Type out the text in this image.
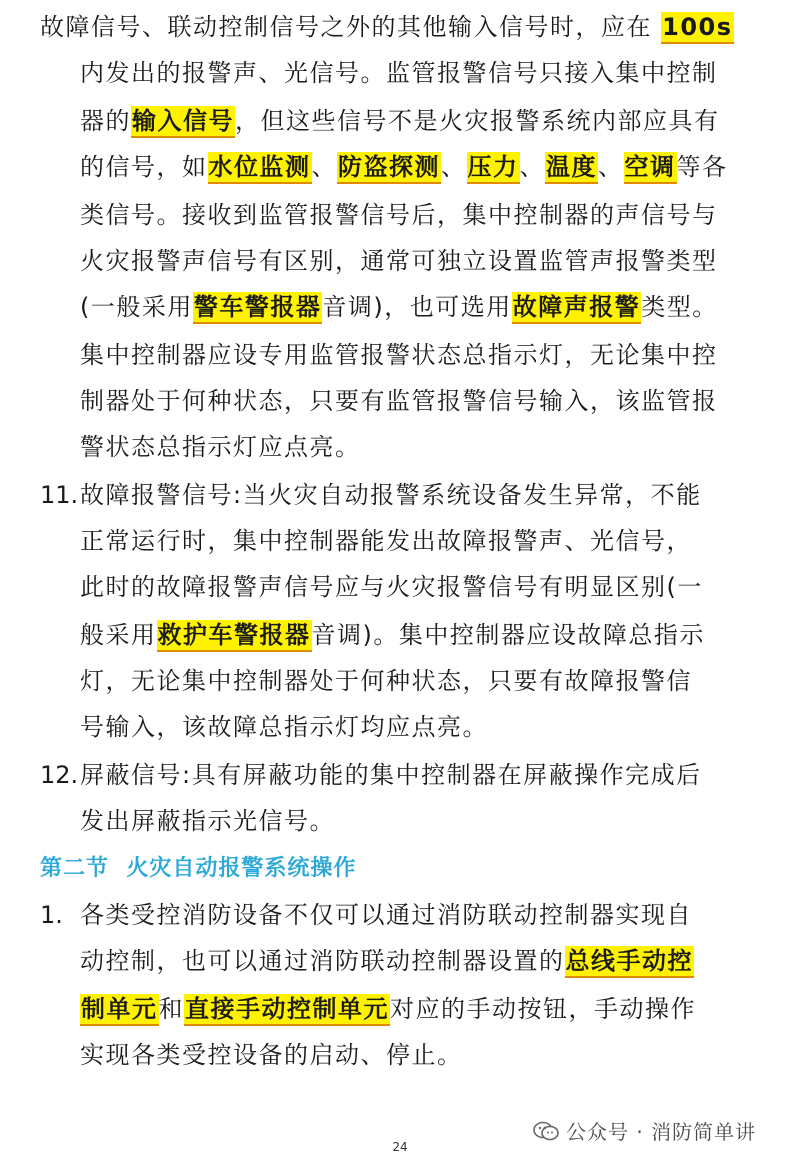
故障信号、联动控制信号之外的其他输入信号时，应在 100s
内发出的报警声、光信号。监管报警信号只接入集中控制
器的输入信号，但这些信号不是火灾报警系统内部应具有
的信号，如水位监测、防盗探测、压力、温度、空调等各
类信号。接收到监管报警信号后，集中控制器的声信号与
火灾报警声信号有区别，通常可独立设置监管声报警类型
(一般采用警车警报器音调)，也可选用故障声报警类型。
集中控制器应设专用监管报警状态总指示灯，无论集中控
制器处于何种状态，只要有监管报警信号输入，该监管报
警状态总指示灯应点亮。
11. 故障报警信号:当火灾自动报警系统设备发生异常，不能
正常运行时，集中控制器能发出故障报警声、光信号，
此时的故障报警声信号应与火灾报警信号有明显区别(一
般采用救护车警报器音调)。集中控制器应设故障总指示
灯，无论集中控制器处于何种状态，只要有故障报警信
号输入，该故障总指示灯均应点亮。
12. 屏蔽信号:具有屏蔽功能的集中控制器在屏蔽操作完成后
发出屏蔽指示光信号。
第二节  火灾自动报警系统操作
1. 各类受控消防设备不仅可以通过消防联动控制器实现自
动控制，也可以通过消防联动控制器设置的总线手动控
制单元和直接手动控制单元对应的手动按钮，手动操作
实现各类受控设备的启动、停止。
公众号 · 消防简单讲
24
